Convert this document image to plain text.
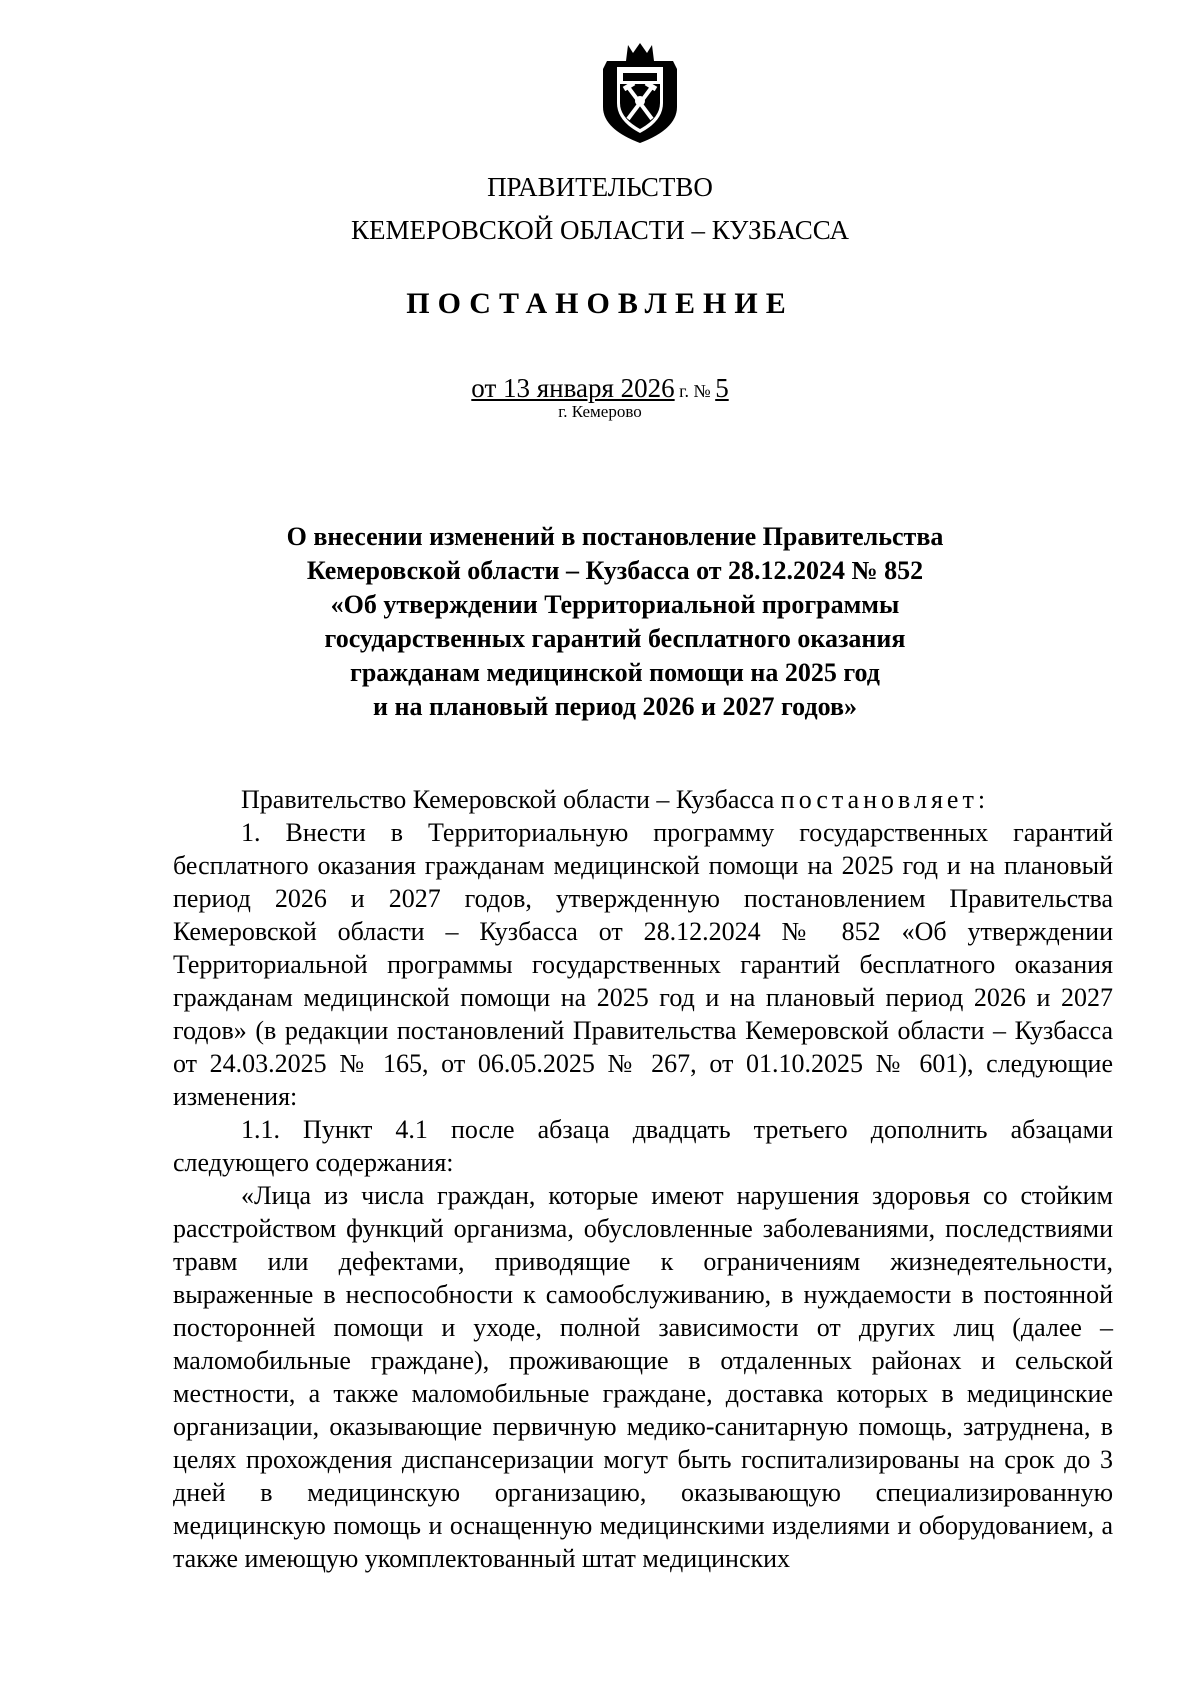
ПРАВИТЕЛЬСТВО
КЕМЕРОВСКОЙ ОБЛАСТИ – КУЗБАССА
ПОСТАНОВЛЕНИЕ
от 13 января 2026 г. № 5
г. Кемерово
О внесении изменений в постановление Правительства
Кемеровской области – Кузбасса от 28.12.2024 № 852
«Об утверждении Территориальной программы
государственных гарантий бесплатного оказания
гражданам медицинской помощи на 2025 год
и на плановый период 2026 и 2027 годов»

Правительство Кемеровской области – Кузбасса постановляет:

1. Внести в Территориальную программу государственных гарантий бесплатного оказания гражданам медицинской помощи на 2025 год и на плановый период 2026 и 2027 годов, утвержденную постановлением Правительства Кемеровской области – Кузбасса от 28.12.2024 № 852 «Об утверждении Территориальной программы государственных гарантий бесплатного оказания гражданам медицинской помощи на 2025 год и на плановый период 2026 и 2027 годов» (в редакции постановлений Правительства Кемеровской области – Кузбасса от 24.03.2025 № 165, от 06.05.2025 № 267, от 01.10.2025 № 601), следующие изменения:

1.1. Пункт 4.1 после абзаца двадцать третьего дополнить абзацами следующего содержания:

«Лица из числа граждан, которые имеют нарушения здоровья со стойким расстройством функций организма, обусловленные заболеваниями, последствиями травм или дефектами, приводящие к ограничениям жизнедеятельности, выраженные в неспособности к самообслуживанию, в нуждаемости в постоянной посторонней помощи и уходе, полной зависимости от других лиц (далее – маломобильные граждане), проживающие в отдаленных районах и сельской местности, а также маломобильные граждане, доставка которых в медицинские организации, оказывающие первичную медико-санитарную помощь, затруднена, в целях прохождения диспансеризации могут быть госпитализированы на срок до 3 дней в медицинскую организацию, оказывающую специализированную медицинскую помощь и оснащенную медицинскими изделиями и оборудованием, а также имеющую укомплектованный штат медицинских
